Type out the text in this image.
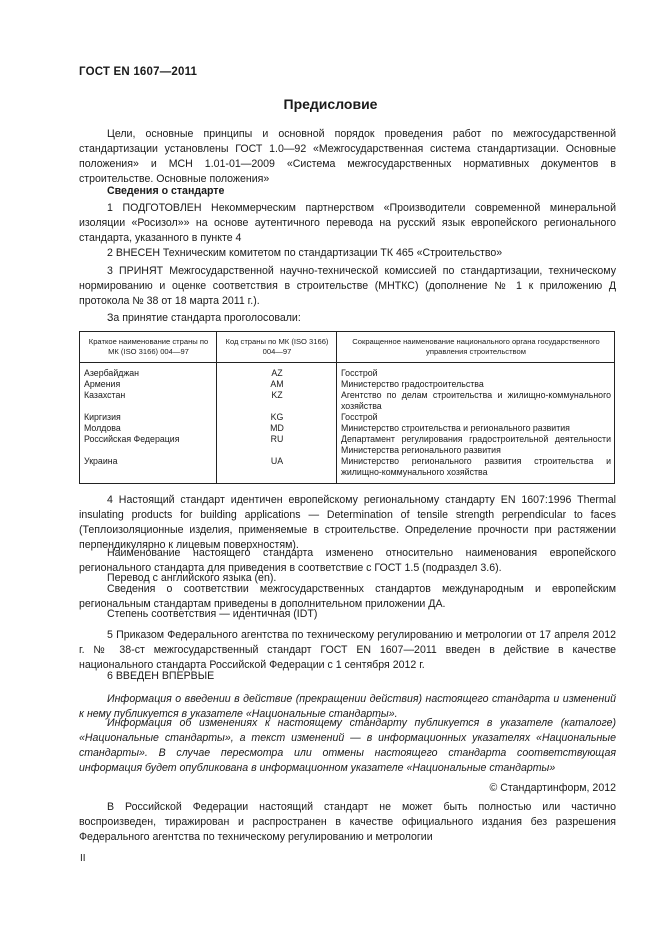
ГОСТ EN 1607—2011
Предисловие
Цели, основные принципы и основной порядок проведения работ по межгосударственной стандартизации установлены ГОСТ 1.0—92 «Межгосударственная система стандартизации. Основные положения» и МСН 1.01-01—2009 «Система межгосударственных нормативных документов в строительстве. Основные положения»
Сведения о стандарте
1 ПОДГОТОВЛЕН Некоммерческим партнерством «Производители современной минеральной изоляции «Росизол»» на основе аутентичного перевода на русский язык европейского регионального стандарта, указанного в пункте 4
2 ВНЕСЕН Техническим комитетом по стандартизации ТК 465 «Строительство»
3 ПРИНЯТ Межгосударственной научно-технической комиссией по стандартизации, техническому нормированию и оценке соответствия в строительстве (МНТКС) (дополнение № 1 к приложению Д протокола № 38 от 18 марта 2011 г.).
За принятие стандарта проголосовали:
Краткое наименование страны по МК (ISO 3166) 004—97	Код страны по МК (ISO 3166) 004—97	Сокращенное наименование национального органа государственного управления строительством
Азербайджан	AZ	Госстрой
Армения	AM	Министерство градостроительства
Казахстан	KZ	Агентство по делам строительства и жилищно-коммунального хозяйства
Киргизия	KG	Госстрой
Молдова	MD	Министерство строительства и регионального развития
Российская Федерация	RU	Департамент регулирования градостроительной деятельности Министерства регионального развития
Украина	UA	Министерство регионального развития строительства и жилищно-коммунального хозяйства
4 Настоящий стандарт идентичен европейскому региональному стандарту EN 1607:1996 Thermal insulating products for building applications — Determination of tensile strength perpendicular to faces (Теплоизоляционные изделия, применяемые в строительстве. Определение прочности при растяжении перпендикулярно к лицевым поверхностям).
Наименование настоящего стандарта изменено относительно наименования европейского регионального стандарта для приведения в соответствие с ГОСТ 1.5 (подраздел 3.6).
Перевод с английского языка (en).
Сведения о соответствии межгосударственных стандартов международным и европейским региональным стандартам приведены в дополнительном приложении ДА.
Степень соответствия — идентичная (IDT)
5 Приказом Федерального агентства по техническому регулированию и метрологии от 17 апреля 2012 г. № 38-ст межгосударственный стандарт ГОСТ EN 1607—2011 введен в действие в качестве национального стандарта Российской Федерации с 1 сентября 2012 г.
6 ВВЕДЕН ВПЕРВЫЕ
Информация о введении в действие (прекращении действия) настоящего стандарта и изменений к нему публикуется в указателе «Национальные стандарты».
Информация об изменениях к настоящему стандарту публикуется в указателе (каталоге) «Национальные стандарты», а текст изменений — в информационных указателях «Национальные стандарты». В случае пересмотра или отмены настоящего стандарта соответствующая информация будет опубликована в информационном указателе «Национальные стандарты»
© Стандартинформ, 2012
В Российской Федерации настоящий стандарт не может быть полностью или частично воспроизведен, тиражирован и распространен в качестве официального издания без разрешения Федерального агентства по техническому регулированию и метрологии
II
